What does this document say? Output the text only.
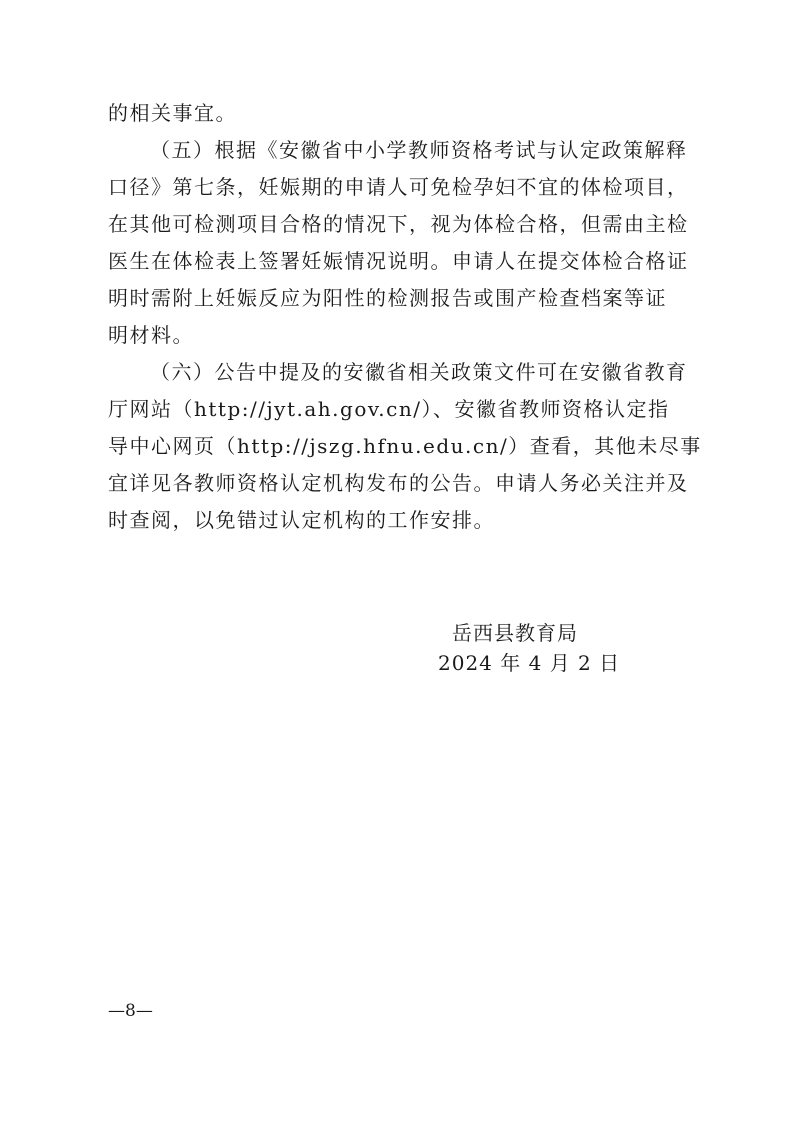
的相关事宜。
（五）根据《安徽省中小学教师资格考试与认定政策解释
口径》第七条，妊娠期的申请人可免检孕妇不宜的体检项目，
在其他可检测项目合格的情况下，视为体检合格，但需由主检
医生在体检表上签署妊娠情况说明。申请人在提交体检合格证
明时需附上妊娠反应为阳性的检测报告或围产检查档案等证
明材料。
（六）公告中提及的安徽省相关政策文件可在安徽省教育
厅网站（http://jyt.ah.gov.cn/）、安徽省教师资格认定指
导中心网页（http://jszg.hfnu.edu.cn/）查看，其他未尽事
宜详见各教师资格认定机构发布的公告。申请人务必关注并及
时查阅，以免错过认定机构的工作安排。
岳西县教育局
2024 年 4 月 2 日
—8—
